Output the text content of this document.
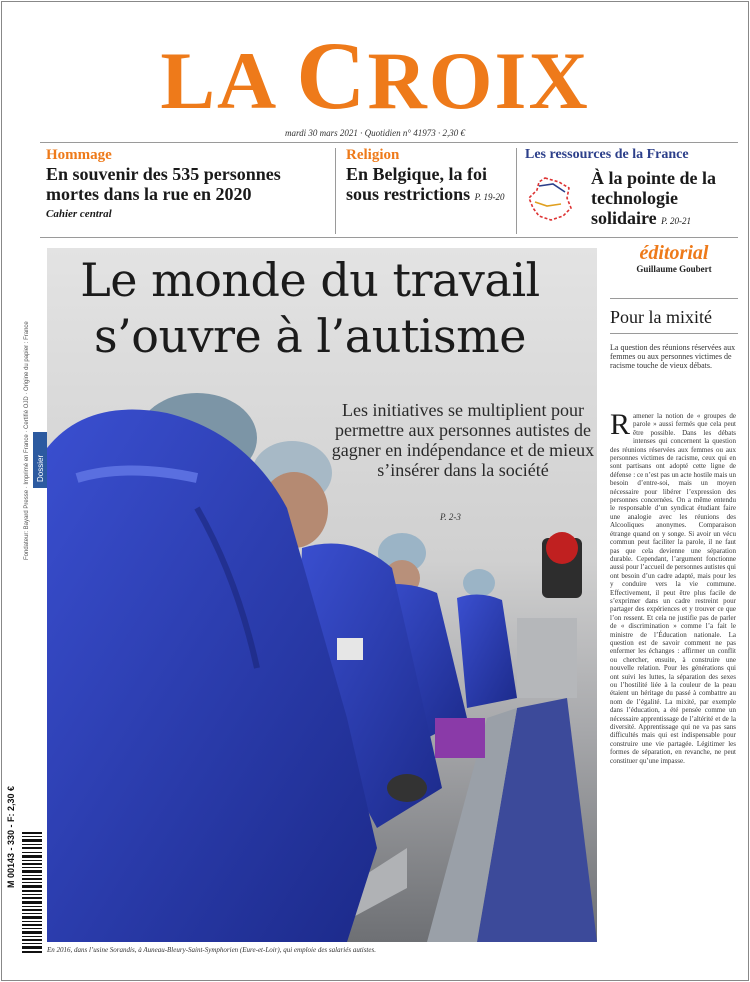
LA CROIX
mardi 30 mars 2021 · Quotidien n° 41973 · 2,30 €
Hommage
En souvenir des 535 personnes mortes dans la rue en 2020
Cahier central
Religion
En Belgique, la foi sous restrictions P. 19-20
Les ressources de la France
À la pointe de la technologie solidaire P. 20-21
Dossier
Fondateur: Bayard Presse · Imprimé en France · Certifié OJD · Origine du papier : France
M 00143 - 330 - F: 2,30 €
Le monde du travail
s’ouvre à l’autisme
Les initiatives se multiplient pour permettre aux personnes autistes de gagner en indépendance et de mieux s’insérer dans la société
P. 2-3
En 2016, dans l’usine Sorandis, à Auneau-Bleury-Saint-Symphorien (Eure-et-Loir), qui emploie des salariés autistes.
éditorial
Guillaume Goubert
Pour la mixité
La question des réunions réservées aux femmes ou aux personnes victimes de racisme touche de vieux débats.
Ramener la notion de « groupes de parole » aussi fermés que cela peut être possible. Dans les débats intenses qui concernent la question des réunions réservées aux femmes ou aux personnes victimes de racisme, ceux qui en sont partisans ont adopté cette ligne de défense : ce n’est pas un acte hostile mais un besoin d’entre-soi, mais un moyen nécessaire pour libérer l’expression des personnes concernées. On a même entendu le responsable d’un syndicat étudiant faire une analogie avec les réunions des Alcooliques anonymes. Comparaison étrange quand on y songe. Si avoir un vécu commun peut faciliter la parole, il ne faut pas que cela devienne une séparation durable. Cependant, l’argument fonctionne aussi pour l’accueil de personnes autistes qui ont besoin d’un cadre adapté, mais pour les y conduire vers la vie commune. Effectivement, il peut être plus facile de s’exprimer dans un cadre restreint pour partager des expériences et y trouver ce que l’on ressent. Et cela ne justifie pas de parler de « discrimination » comme l’a fait le ministre de l’Éducation nationale. La question est de savoir comment ne pas enfermer les échanges : affirmer un conflit ou chercher, ensuite, à construire une nouvelle relation. Pour les générations qui ont suivi les luttes, la séparation des sexes ou l’hostilité liée à la couleur de la peau étaient un héritage du passé à combattre au nom de l’égalité. La mixité, par exemple dans l’éducation, a été pensée comme un nécessaire apprentissage de l’altérité et de la diversité. Apprentissage qui ne va pas sans difficultés mais qui est indispensable pour construire une vie partagée. Légitimer les formes de séparation, en revanche, ne peut constituer qu’une impasse.
